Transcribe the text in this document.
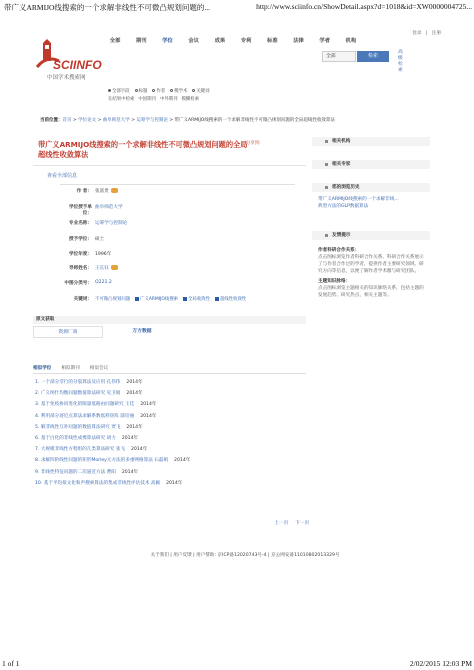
带广义ARMIJO线搜索的一个求解非线性不可微凸规划问题的...	http://www.sciinfo.cn/ShowDetail.aspx?d=1018&id=XW0000004725...
登录 | 注册
SCIINFO
中国学术搜索网
全部	期刊	学位	会议	成果	专利	标准	法律	学者	机构
全部	检索
高级检索
全部字段 标题 作者 搜学术 关键词
在结果中检索 中国期刊 中外期刊 模糊检索
当前位置：首页 > 学位论文 > 曲阜师范大学 > 运筹学与控制论 > 带广义ARMIJO线搜索的一个求解非线性不可微凸规划问题的全局超线性收敛算法
带广义ARMIJO线搜索的一个求解非线性不可微凸规划问题的全局超线性收敛算法
分享到:
查看全部信息
作 者： 张富贵
学位授予单位：
曲阜师范大学
专业名称： 运筹学与控制论
授予学位： 硕士
学位年度： 1996年
导师姓名： 王长钰
中图分类号： O221.2
关键词： 不可微凸规划问题	广义ARMIJO线搜索	全局收敛性	超线性收敛性
原文获取
资源厂商	万方数据
相似学位 相似期刊 相似会议
1. 一个部分非行的分裂算法及应用 孔伟伟 2014年
2. 广义纳什均衡问题数值算法研究 史卫娟 2014年
3. 基于免疫协同进化的限量低路由问题研究 王佳 2014年
4. 利用部分迹近点算法求解系数低秩矩阵 薛培丽 2014年
5. 解非线性互补问题的数值算法研究 贾飞 2014年
6. 基于白化的非线性成像算法研究 胡力 2014年
7. 大规模非线性方程组的几类算法研究 张飞 2014年
8. 求解四阶线性问题的矩形Morley元方法的多重网格算法 石磊娟 2014年
9. 非线性特征问题的二次逼近方法 曹阳 2014年
10. 基于平均拟文化和声搜索算法的集成非线性评估技术 高颖 2014年
上一页 下一页
关于我们 | 用户反馈 | 用户帮助: 京ICP备12020743号-4 | 京公网安备11010802013329号
相关机构
相关专家
您的浏览历史
带广义ARMIJO线搜索的一个求解非线...
典型方法的GLP数据算法
友情提示
作者科研合作关系：
点击图标浏览作者科研合作关系。科研合作关系展示了与作者合作过的学者，提供作者主要研究领域、研究方向等信息，以便了解作者学术圈与研究团队。
主题知识脉络：
点击图标浏览主题相关的知识脉络关系，包括主题的发展趋势、研究热点、相关主题等。
1 of 1	2/02/2015 12:03 PM
